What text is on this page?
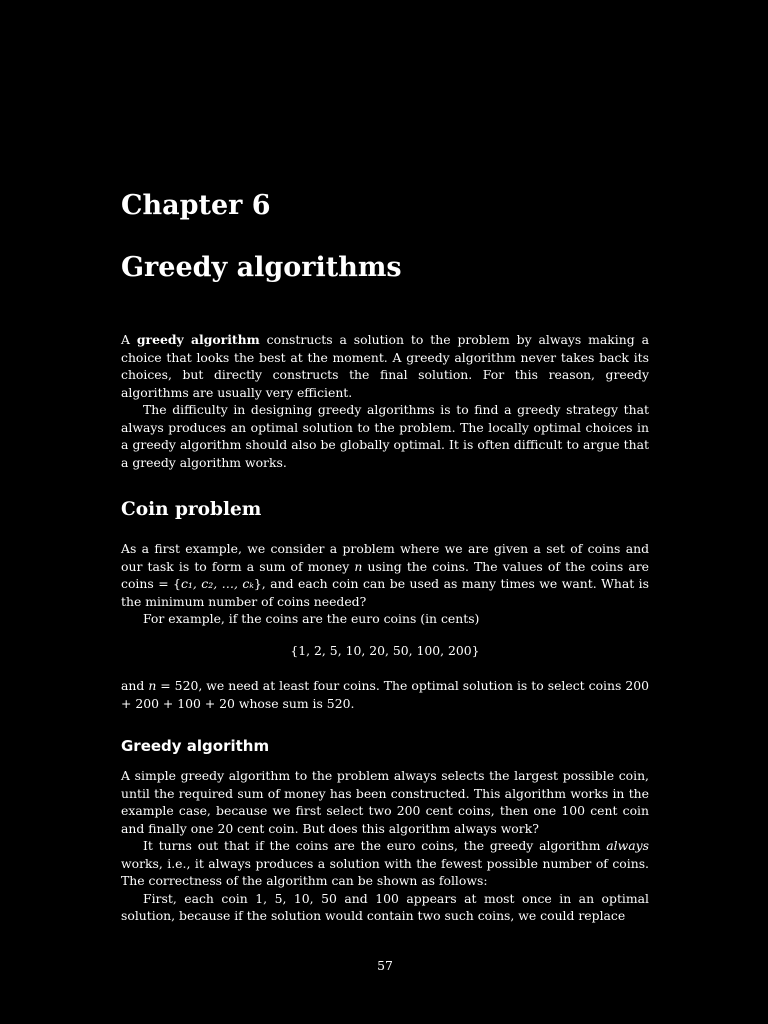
Chapter 6
Greedy algorithms

A greedy algorithm constructs a solution to the problem by always making a choice that looks the best at the moment. A greedy algorithm never takes back its choices, but directly constructs the final solution. For this reason, greedy algorithms are usually very efficient.

The difficulty in designing greedy algorithms is to find a greedy strategy that always produces an optimal solution to the problem. The locally optimal choices in a greedy algorithm should also be globally optimal. It is often difficult to argue that a greedy algorithm works.

Coin problem

As a first example, we consider a problem where we are given a set of coins and our task is to form a sum of money n using the coins. The values of the coins are coins = {c₁, c₂, …, cₖ}, and each coin can be used as many times we want. What is the minimum number of coins needed?

For example, if the coins are the euro coins (in cents)

{1, 2, 5, 10, 20, 50, 100, 200}

and n = 520, we need at least four coins. The optimal solution is to select coins 200 + 200 + 100 + 20 whose sum is 520.

Greedy algorithm

A simple greedy algorithm to the problem always selects the largest possible coin, until the required sum of money has been constructed. This algorithm works in the example case, because we first select two 200 cent coins, then one 100 cent coin and finally one 20 cent coin. But does this algorithm always work?

It turns out that if the coins are the euro coins, the greedy algorithm always works, i.e., it always produces a solution with the fewest possible number of coins. The correctness of the algorithm can be shown as follows:

First, each coin 1, 5, 10, 50 and 100 appears at most once in an optimal solution, because if the solution would contain two such coins, we could replace

57
